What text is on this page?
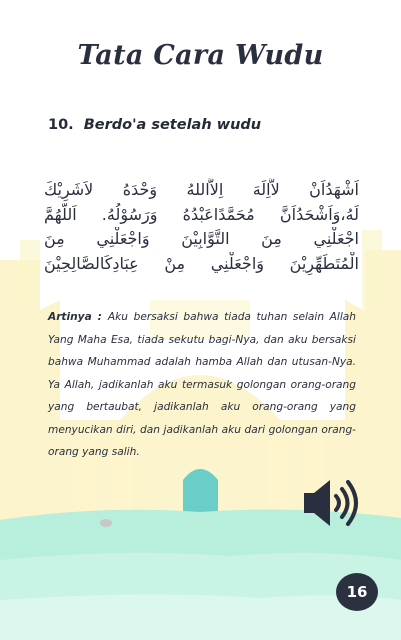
Tata Cara Wudu
10. Berdo'a setelah wudu
اَشْهَدُاَنْ لاَّاِلَهَ اِلاَّاللهُ وَحْدَهُ لاَشَرِيْكَ
لَهُ،وَاَشْحَدُاَنَّ مُحَمَّدًاعَبْدُهُ وَرَسُوْلُهُ. اَللَّهُمَّ
اجْعَلْنِي مِنَ التَّوَّابِيْنَ وَاجْعَلْنِي مِنَ
الْمُتَطَهِّرِيْنَ وَاجْعَلْنِي مِنْ عِبَادِكَالصَّالِحِيْنَ
Artinya : Aku bersaksi bahwa tiada tuhan selain Allah Yang Maha Esa, tiada sekutu bagi-Nya, dan aku bersaksi bahwa Muhammad adalah hamba Allah dan utusan-Nya. Ya Allah, jadikanlah aku termasuk golongan orang-orang yang bertaubat, jadikanlah aku orang-orang yang menyucikan diri, dan jadikanlah aku dari golongan orang-orang yang salih.
16
